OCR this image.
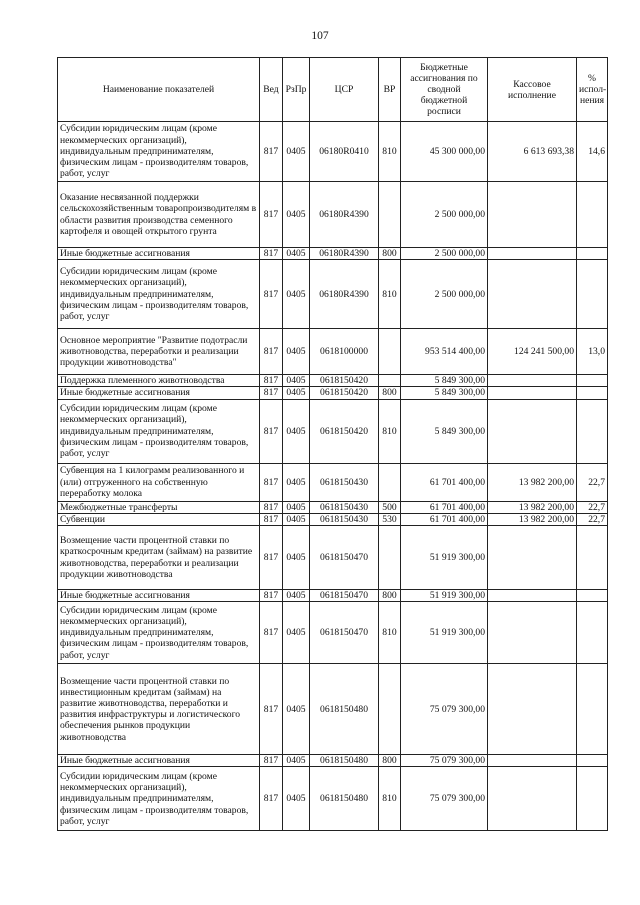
107
Наименование показателей	Вед	РзПр	ЦСР	ВР	Бюджетные ассигнования по сводной бюджетной росписи	Кассовое исполнение	% испол-нения
Субсидии юридическим лицам (кроме некоммерческих организаций), индивидуальным предпринимателям, физическим лицам - производителям товаров, работ, услуг	817	0405	06180R0410	810	45 300 000,00	6 613 693,38	14,6
Оказание несвязанной поддержки сельскохозяйственным товаропроизводителям в области развития производства семенного картофеля и овощей открытого грунта	817	0405	06180R4390		2 500 000,00		
Иные бюджетные ассигнования	817	0405	06180R4390	800	2 500 000,00		
Субсидии юридическим лицам (кроме некоммерческих организаций), индивидуальным предпринимателям, физическим лицам - производителям товаров, работ, услуг	817	0405	06180R4390	810	2 500 000,00		
Основное мероприятие "Развитие подотрасли животноводства, переработки и реализации продукции животноводства"	817	0405	0618100000		953 514 400,00	124 241 500,00	13,0
Поддержка племенного животноводства	817	0405	0618150420		5 849 300,00		
Иные бюджетные ассигнования	817	0405	0618150420	800	5 849 300,00		
Субсидии юридическим лицам (кроме некоммерческих организаций), индивидуальным предпринимателям, физическим лицам - производителям товаров, работ, услуг	817	0405	0618150420	810	5 849 300,00		
Субвенция на 1 килограмм реализованного и (или) отгруженного на собственную переработку молока	817	0405	0618150430		61 701 400,00	13 982 200,00	22,7
Межбюджетные трансферты	817	0405	0618150430	500	61 701 400,00	13 982 200,00	22,7
Субвенции	817	0405	0618150430	530	61 701 400,00	13 982 200,00	22,7
Возмещение части процентной ставки по краткосрочным кредитам (займам) на развитие животноводства, переработки и реализации продукции животноводства	817	0405	0618150470		51 919 300,00		
Иные бюджетные ассигнования	817	0405	0618150470	800	51 919 300,00		
Субсидии юридическим лицам (кроме некоммерческих организаций), индивидуальным предпринимателям, физическим лицам - производителям товаров, работ, услуг	817	0405	0618150470	810	51 919 300,00		
Возмещение части процентной ставки по инвестиционным кредитам (займам) на развитие животноводства, переработки и развития инфраструктуры и логистического обеспечения рынков продукции животноводства	817	0405	0618150480		75 079 300,00		
Иные бюджетные ассигнования	817	0405	0618150480	800	75 079 300,00		
Субсидии юридическим лицам (кроме некоммерческих организаций), индивидуальным предпринимателям, физическим лицам - производителям товаров, работ, услуг	817	0405	0618150480	810	75 079 300,00		
